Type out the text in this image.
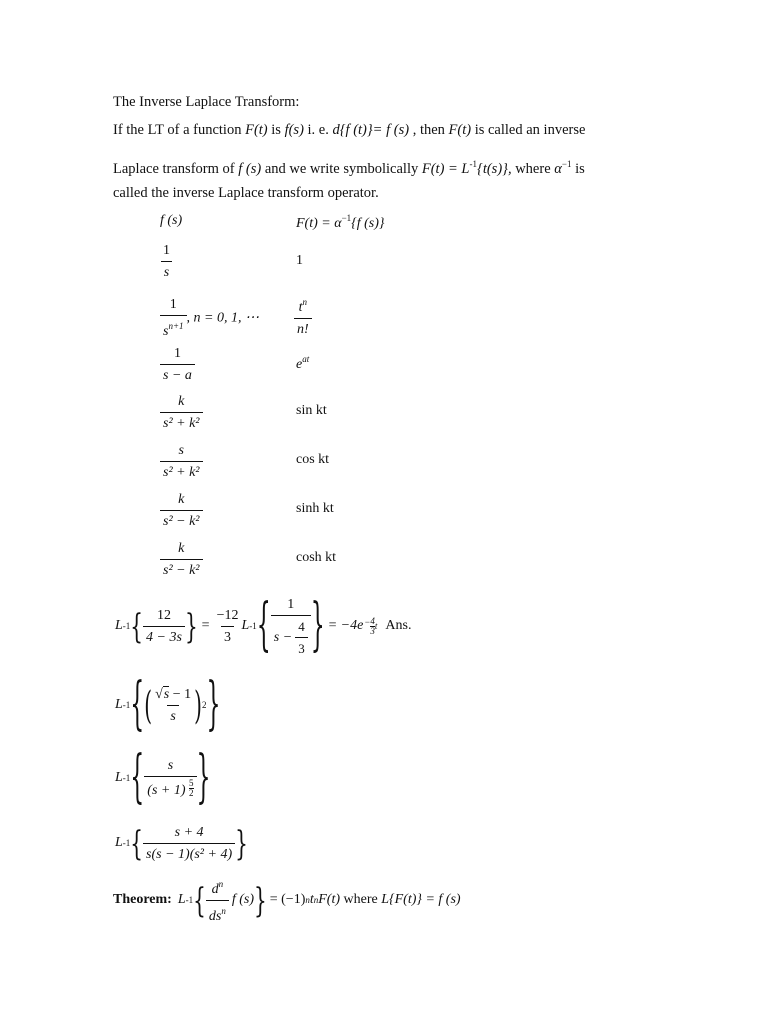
The Inverse Laplace Transform:
If the LT of a function F(t) is f(s) i. e. d{f (t)}= f (s) , then F(t) is called an inverse
Laplace transform of f (s) and we write symbolically $F(t) = L^{-1}\{t(s)\}$, where $\alpha^{-1}$ is
called the inverse Laplace transform operator.
f (s)	$F(t) = \alpha^{-1}\{f$ (s)}
$\frac{1}{s}$	1
$\frac{1}{s^{n+1}}$ , n = 0, 1, ⋯	$\frac{t^n}{n!}$
$\frac{1}{s - a}$	$e^{at}$
$\frac{k}{\text{s² + k²}}$	sin kt
$\frac{s}{\text{s² + k²}}$	cos kt
$\frac{k}{\text{s² − k²}}$	sinh kt
$\frac{k}{\text{s² − k²}}$	cosh kt
L -1 { $\frac{12}{4 - 3s}$ } = $\frac{-12}{3}$ L -1 { $\frac{1}{s - \frac{4}{3}}$ } = $-4e - \frac{4}{3}$ t Ans.
L -1 { ( $\frac{√s - 1}{s}$ ) 2 }
L -1 { $\frac{s}{(s + 1) \frac{5}{2}}$ }
L -1 { $\frac{s + 4}{\text{s(s − 1)(s² + 4)}}$ }
Theorem: L -1 { $\frac{d^n}{ds^n}$ f (s) } = (−1) n t n F(t) where L{F(t)} = f (s)
